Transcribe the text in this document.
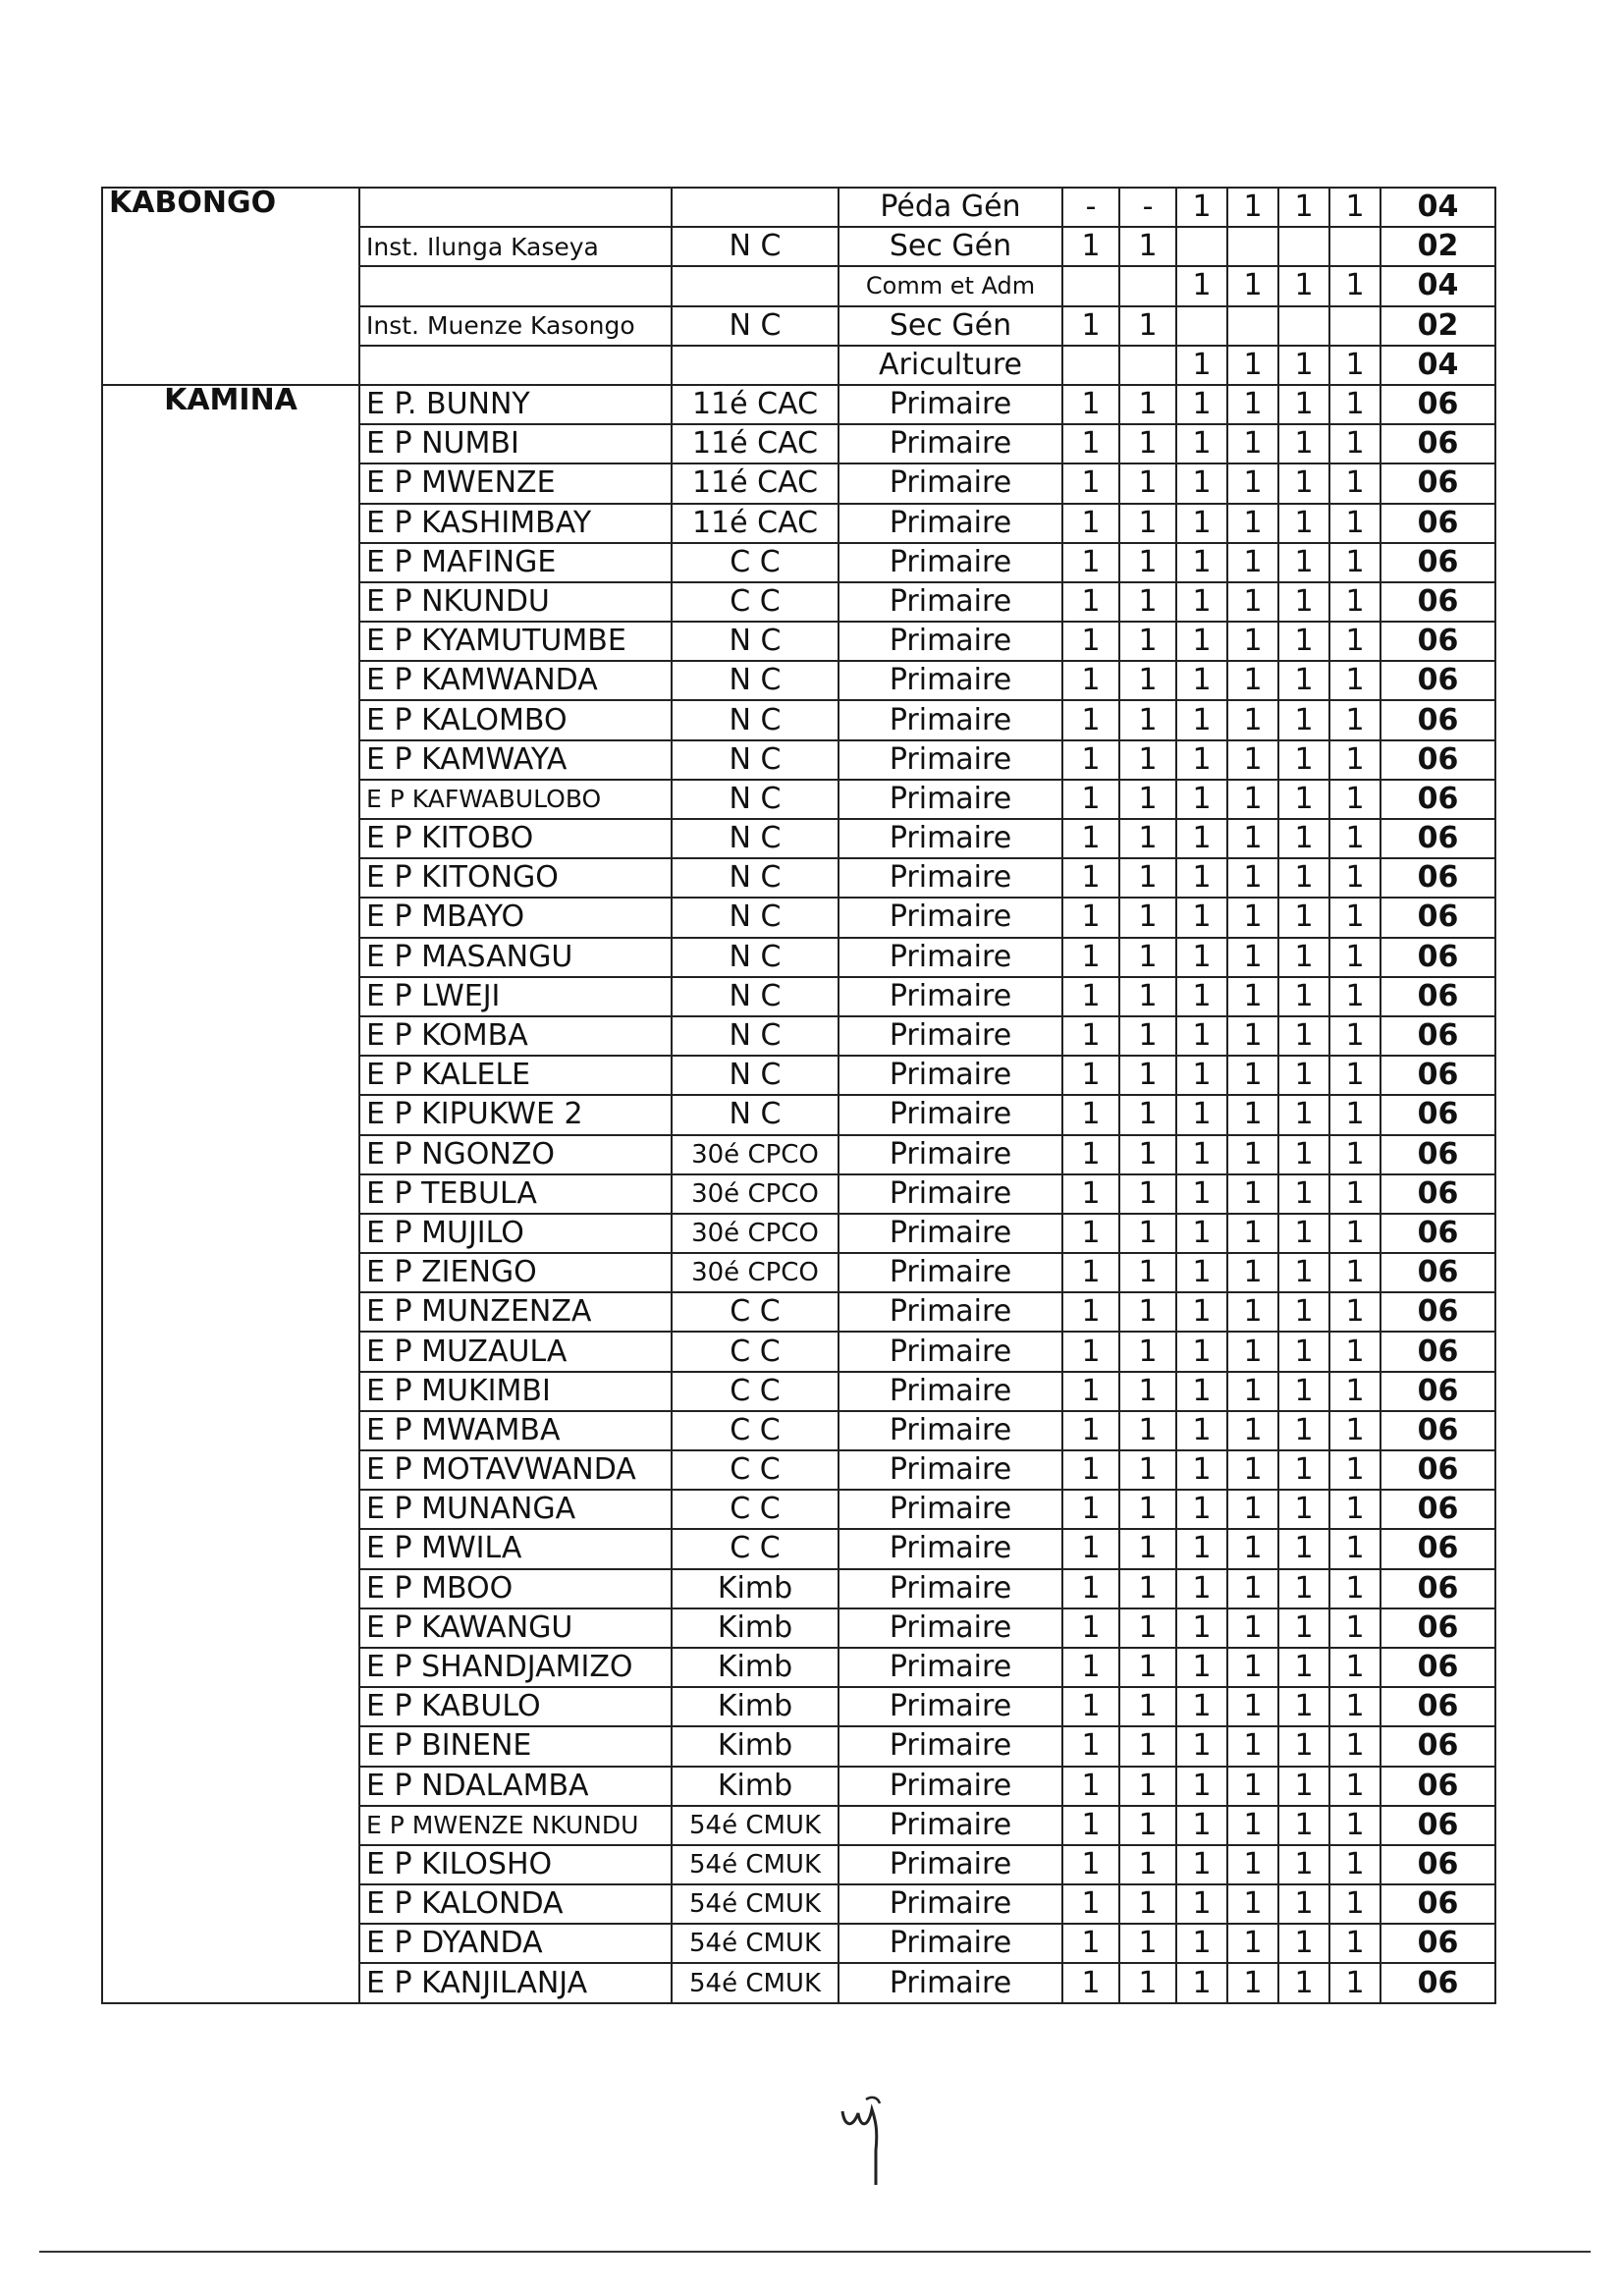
KABONGO			Péda Gén	-	-	1	1	1	1	04
	Inst. Ilunga Kaseya	N C	Sec Gén	1	1					02
			Comm et Adm			1	1	1	1	04
	Inst. Muenze Kasongo	N C	Sec Gén	1	1					02
			Ariculture			1	1	1	1	04
KAMINA	E P. BUNNY	11é CAC	Primaire	1	1	1	1	1	1	06
	E P NUMBI	11é CAC	Primaire	1	1	1	1	1	1	06
	E P MWENZE	11é CAC	Primaire	1	1	1	1	1	1	06
	E P KASHIMBAY	11é CAC	Primaire	1	1	1	1	1	1	06
	E P MAFINGE	C C	Primaire	1	1	1	1	1	1	06
	E P NKUNDU	C C	Primaire	1	1	1	1	1	1	06
	E P KYAMUTUMBE	N C	Primaire	1	1	1	1	1	1	06
	E P KAMWANDA	N C	Primaire	1	1	1	1	1	1	06
	E P KALOMBO	N C	Primaire	1	1	1	1	1	1	06
	E P KAMWAYA	N C	Primaire	1	1	1	1	1	1	06
	E P KAFWABULOBO	N C	Primaire	1	1	1	1	1	1	06
	E P KITOBO	N C	Primaire	1	1	1	1	1	1	06
	E P KITONGO	N C	Primaire	1	1	1	1	1	1	06
	E P MBAYO	N C	Primaire	1	1	1	1	1	1	06
	E P MASANGU	N C	Primaire	1	1	1	1	1	1	06
	E P LWEJI	N C	Primaire	1	1	1	1	1	1	06
	E P KOMBA	N C	Primaire	1	1	1	1	1	1	06
	E P KALELE	N C	Primaire	1	1	1	1	1	1	06
	E P KIPUKWE 2	N C	Primaire	1	1	1	1	1	1	06
	E P NGONZO	30é CPCO	Primaire	1	1	1	1	1	1	06
	E P TEBULA	30é CPCO	Primaire	1	1	1	1	1	1	06
	E P MUJILO	30é CPCO	Primaire	1	1	1	1	1	1	06
	E P ZIENGO	30é CPCO	Primaire	1	1	1	1	1	1	06
	E P MUNZENZA	C C	Primaire	1	1	1	1	1	1	06
	E P MUZAULA	C C	Primaire	1	1	1	1	1	1	06
	E P MUKIMBI	C C	Primaire	1	1	1	1	1	1	06
	E P MWAMBA	C C	Primaire	1	1	1	1	1	1	06
	E P MOTAVWANDA	C C	Primaire	1	1	1	1	1	1	06
	E P MUNANGA	C C	Primaire	1	1	1	1	1	1	06
	E P MWILA	C C	Primaire	1	1	1	1	1	1	06
	E P MBOO	Kimb	Primaire	1	1	1	1	1	1	06
	E P KAWANGU	Kimb	Primaire	1	1	1	1	1	1	06
	E P SHANDJAMIZO	Kimb	Primaire	1	1	1	1	1	1	06
	E P KABULO	Kimb	Primaire	1	1	1	1	1	1	06
	E P BINENE	Kimb	Primaire	1	1	1	1	1	1	06
	E P NDALAMBA	Kimb	Primaire	1	1	1	1	1	1	06
	E P MWENZE NKUNDU	54é CMUK	Primaire	1	1	1	1	1	1	06
	E P KILOSHO	54é CMUK	Primaire	1	1	1	1	1	1	06
	E P KALONDA	54é CMUK	Primaire	1	1	1	1	1	1	06
	E P DYANDA	54é CMUK	Primaire	1	1	1	1	1	1	06
	E P KANJILANJA	54é CMUK	Primaire	1	1	1	1	1	1	06
